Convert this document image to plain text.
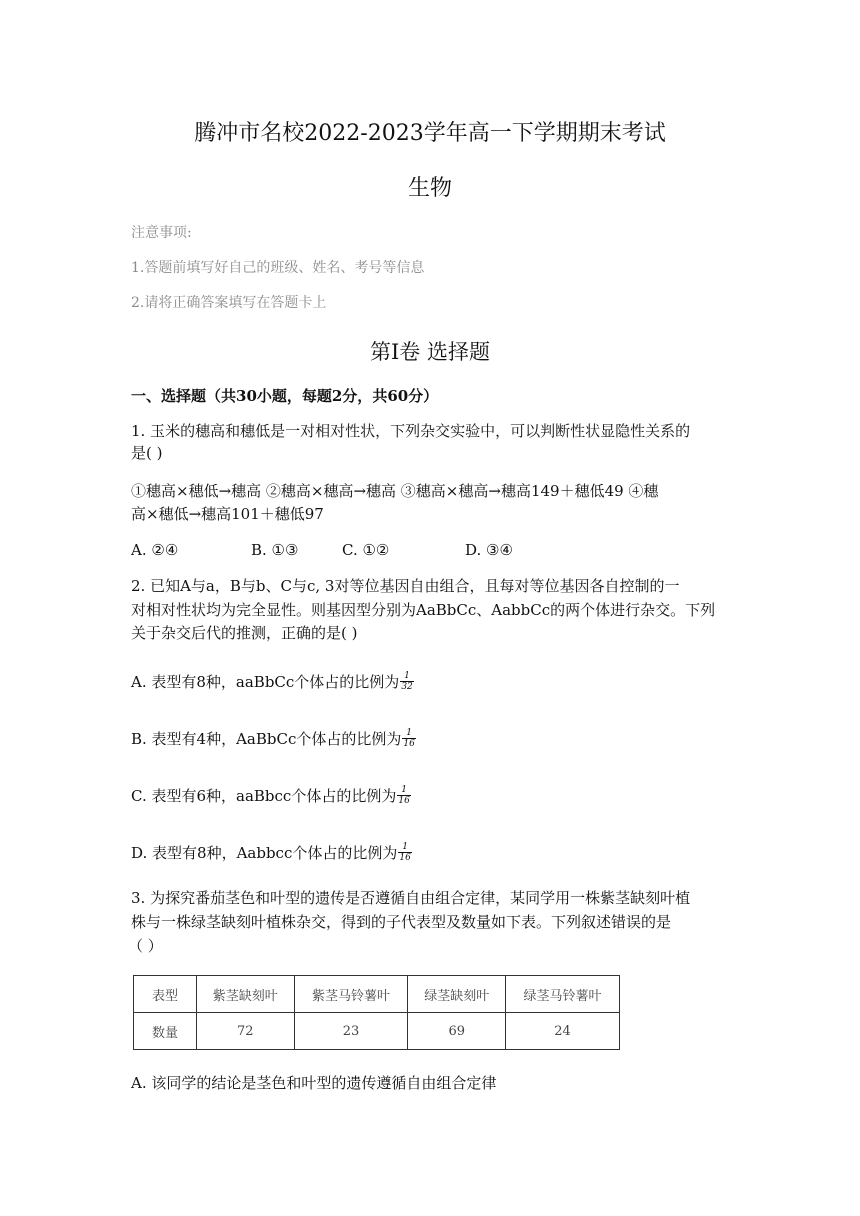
腾冲市名校2022-2023学年高一下学期期末考试
生物
注意事项:
1.答题前填写好自己的班级、姓名、考号等信息
2.请将正确答案填写在答题卡上
第Ⅰ卷 选择题
一、选择题（共30小题，每题2分，共60分）
1. 玉米的穗高和穗低是一对相对性状，下列杂交实验中，可以判断性状显隐性关系的
是( )
①穗高×穗低→穗高 ②穗高×穗高→穗高 ③穗高×穗高→穗高149＋穗低49 ④穗
高×穗低→穗高101＋穗低97
A. ②④	B. ①③	C. ①②	D. ③④
2. 已知A与a，B与b、C与c, 3对等位基因自由组合，且每对等位基因各自控制的一
对相对性状均为完全显性。则基因型分别为AaBbCc、AabbCc的两个体进行杂交。下列
关于杂交后代的推测，正确的是( )
A. 表型有8种，aaBbCc个体占的比例为 $\frac{1}{32}$
B. 表型有4种，AaBbCc个体占的比例为 $\frac{1}{16}$
C. 表型有6种，aaBbcc个体占的比例为 $\frac{1}{16}$
D. 表型有8种，Aabbcc个体占的比例为 $\frac{1}{16}$
3. 为探究番茄茎色和叶型的遗传是否遵循自由组合定律，某同学用一株紫茎缺刻叶植
株与一株绿茎缺刻叶植株杂交，得到的子代表型及数量如下表。下列叙述错误的是
（ ）
表型	紫茎缺刻叶	紫茎马铃薯叶	绿茎缺刻叶	绿茎马铃薯叶
数量	72	23	69	24
A. 该同学的结论是茎色和叶型的遗传遵循自由组合定律
